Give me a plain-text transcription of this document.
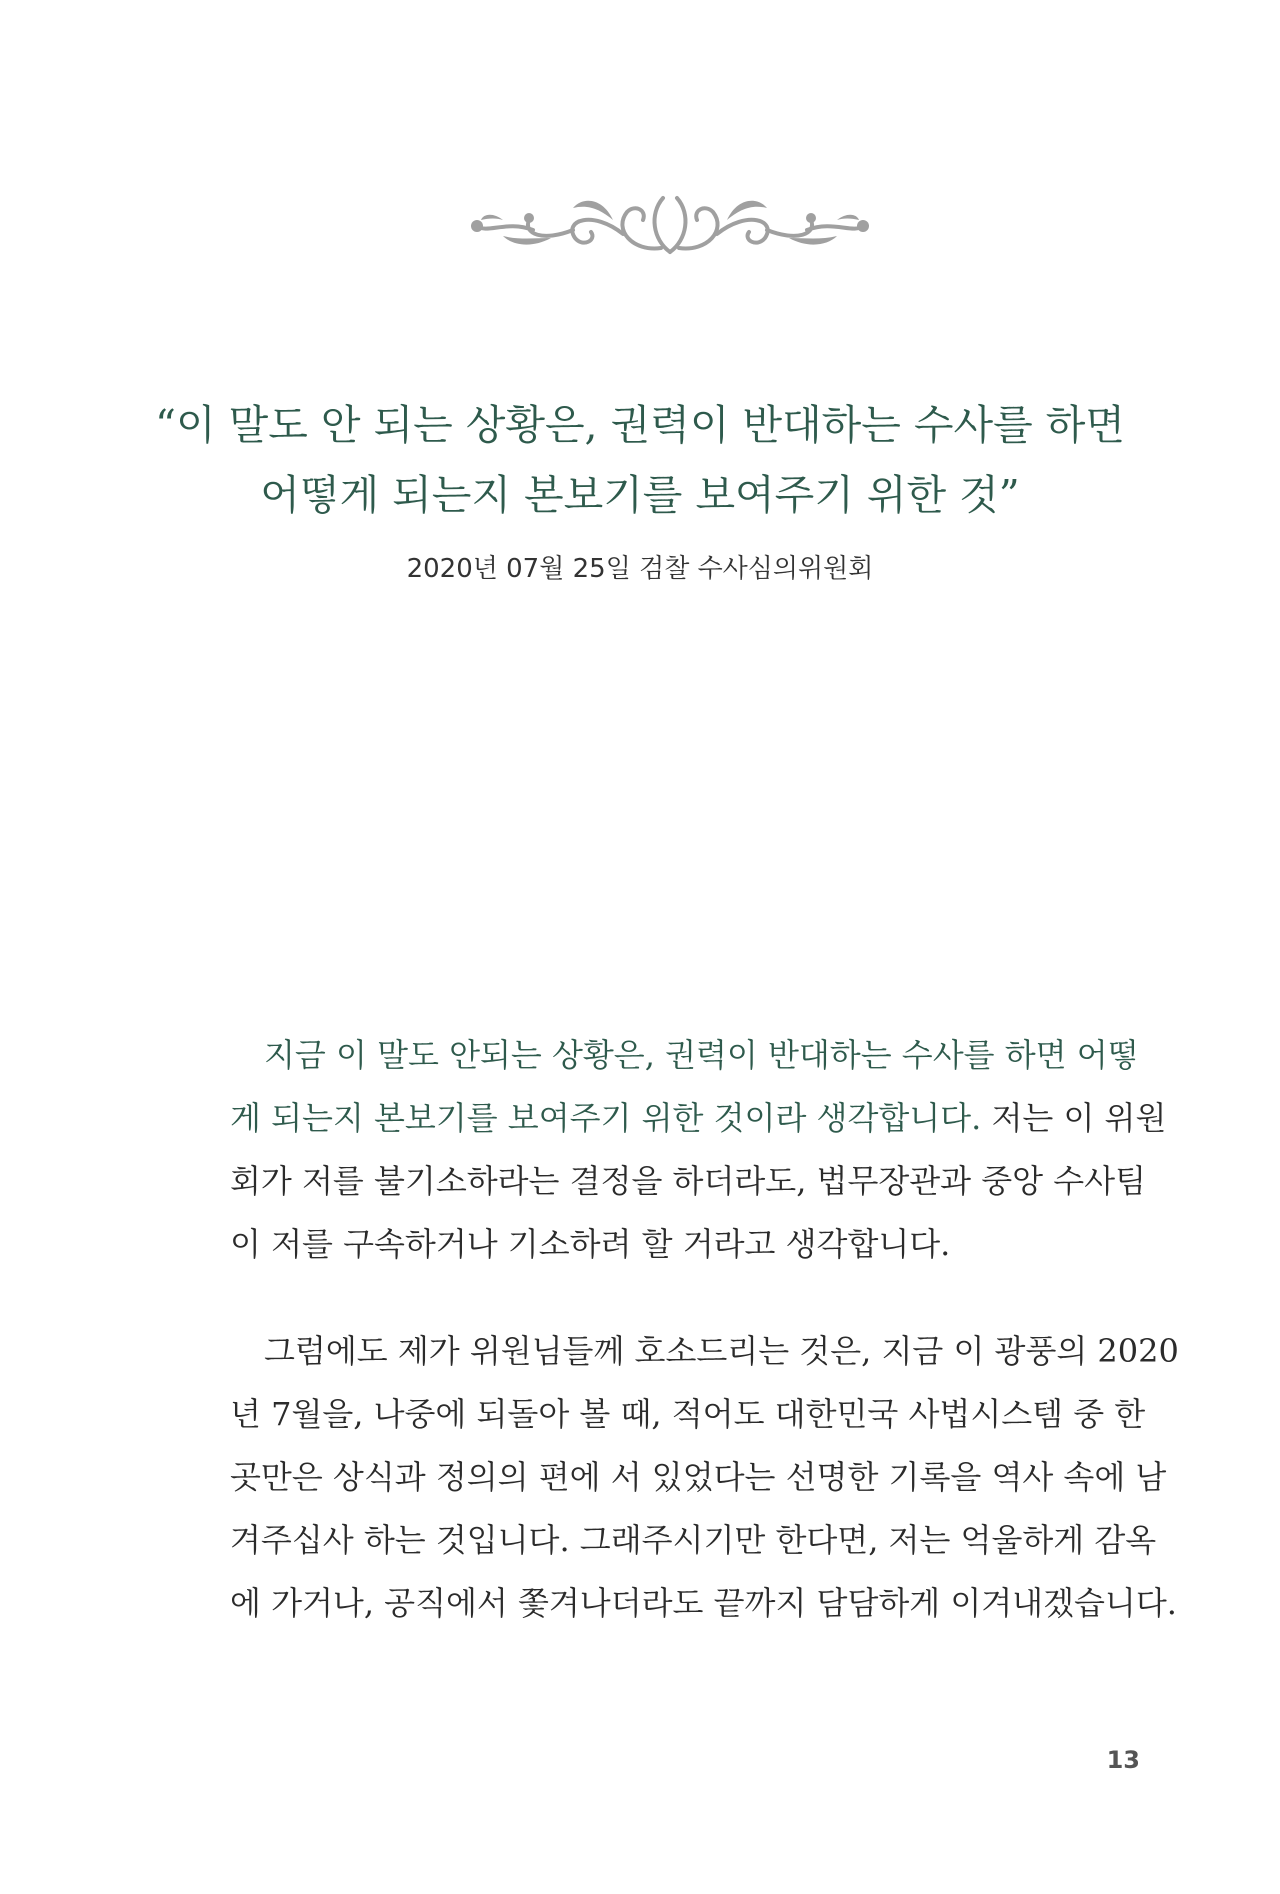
“이 말도 안 되는 상황은, 권력이 반대하는 수사를 하면
어떻게 되는지 본보기를 보여주기 위한 것”
2020년 07월 25일 검찰 수사심의위원회
지금 이 말도 안되는 상황은, 권력이 반대하는 수사를 하면 어떻
게 되는지 본보기를 보여주기 위한 것이라 생각합니다. 저는 이 위원
회가 저를 불기소하라는 결정을 하더라도, 법무장관과 중앙 수사팀
이 저를 구속하거나 기소하려 할 거라고 생각합니다.
그럼에도 제가 위원님들께 호소드리는 것은, 지금 이 광풍의 2020
년 7월을, 나중에 되돌아 볼 때, 적어도 대한민국 사법시스템 중 한
곳만은 상식과 정의의 편에 서 있었다는 선명한 기록을 역사 속에 남
겨주십사 하는 것입니다. 그래주시기만 한다면, 저는 억울하게 감옥
에 가거나, 공직에서 쫓겨나더라도 끝까지 담담하게 이겨내겠습니다.
13
